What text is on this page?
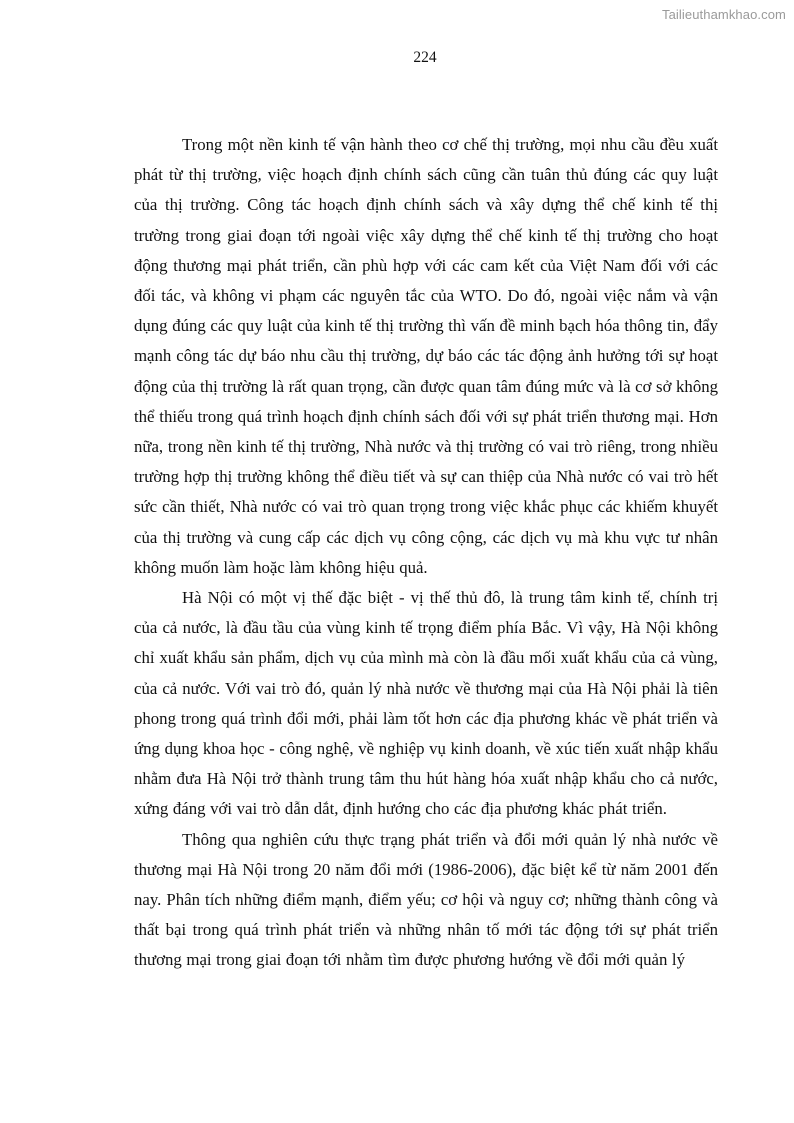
Tailieuthamkhao.com
224

Trong một nền kinh tế vận hành theo cơ chế thị trường, mọi nhu cầu đều xuất phát từ thị trường, việc hoạch định chính sách cũng cần tuân thủ đúng các quy luật của thị trường. Công tác hoạch định chính sách và xây dựng thể chế kinh tế thị trường trong giai đoạn tới ngoài việc xây dựng thể chế kinh tế thị trường cho hoạt động thương mại phát triển, cần phù hợp với các cam kết của Việt Nam đối với các đối tác, và không vi phạm các nguyên tắc của WTO. Do đó, ngoài việc nắm và vận dụng đúng các quy luật của kinh tế thị trường thì vấn đề minh bạch hóa thông tin, đẩy mạnh công tác dự báo nhu cầu thị trường, dự báo các tác động ảnh hưởng tới sự hoạt động của thị trường là rất quan trọng, cần được quan tâm đúng mức và là cơ sở không thể thiếu trong quá trình hoạch định chính sách đối với sự phát triển thương mại. Hơn nữa, trong nền kinh tế thị trường, Nhà nước và thị trường có vai trò riêng, trong nhiều trường hợp thị trường không thể điều tiết và sự can thiệp của Nhà nước có vai trò hết sức cần thiết, Nhà nước có vai trò quan trọng trong việc khắc phục các khiếm khuyết của thị trường và cung cấp các dịch vụ công cộng, các dịch vụ mà khu vực tư nhân không muốn làm hoặc làm không hiệu quả.

Hà Nội có một vị thế đặc biệt - vị thế thủ đô, là trung tâm kinh tế, chính trị của cả nước, là đầu tầu của vùng kinh tế trọng điểm phía Bắc. Vì vậy, Hà Nội không chỉ xuất khẩu sản phẩm, dịch vụ của mình mà còn là đầu mối xuất khẩu của cả vùng, của cả nước. Với vai trò đó, quản lý nhà nước về thương mại của Hà Nội phải là tiên phong trong quá trình đổi mới, phải làm tốt hơn các địa phương khác về phát triển và ứng dụng khoa học - công nghệ, về nghiệp vụ kinh doanh, về xúc tiến xuất nhập khẩu nhằm đưa Hà Nội trở thành trung tâm thu hút hàng hóa xuất nhập khẩu cho cả nước, xứng đáng với vai trò dẫn dắt, định hướng cho các địa phương khác phát triển.

Thông qua nghiên cứu thực trạng phát triển và đổi mới quản lý nhà nước về thương mại Hà Nội trong 20 năm đổi mới (1986-2006), đặc biệt kể từ năm 2001 đến nay. Phân tích những điểm mạnh, điểm yếu; cơ hội và nguy cơ; những thành công và thất bại trong quá trình phát triển và những nhân tố mới tác động tới sự phát triển thương mại trong giai đoạn tới nhằm tìm được phương hướng về đổi mới quản lý
